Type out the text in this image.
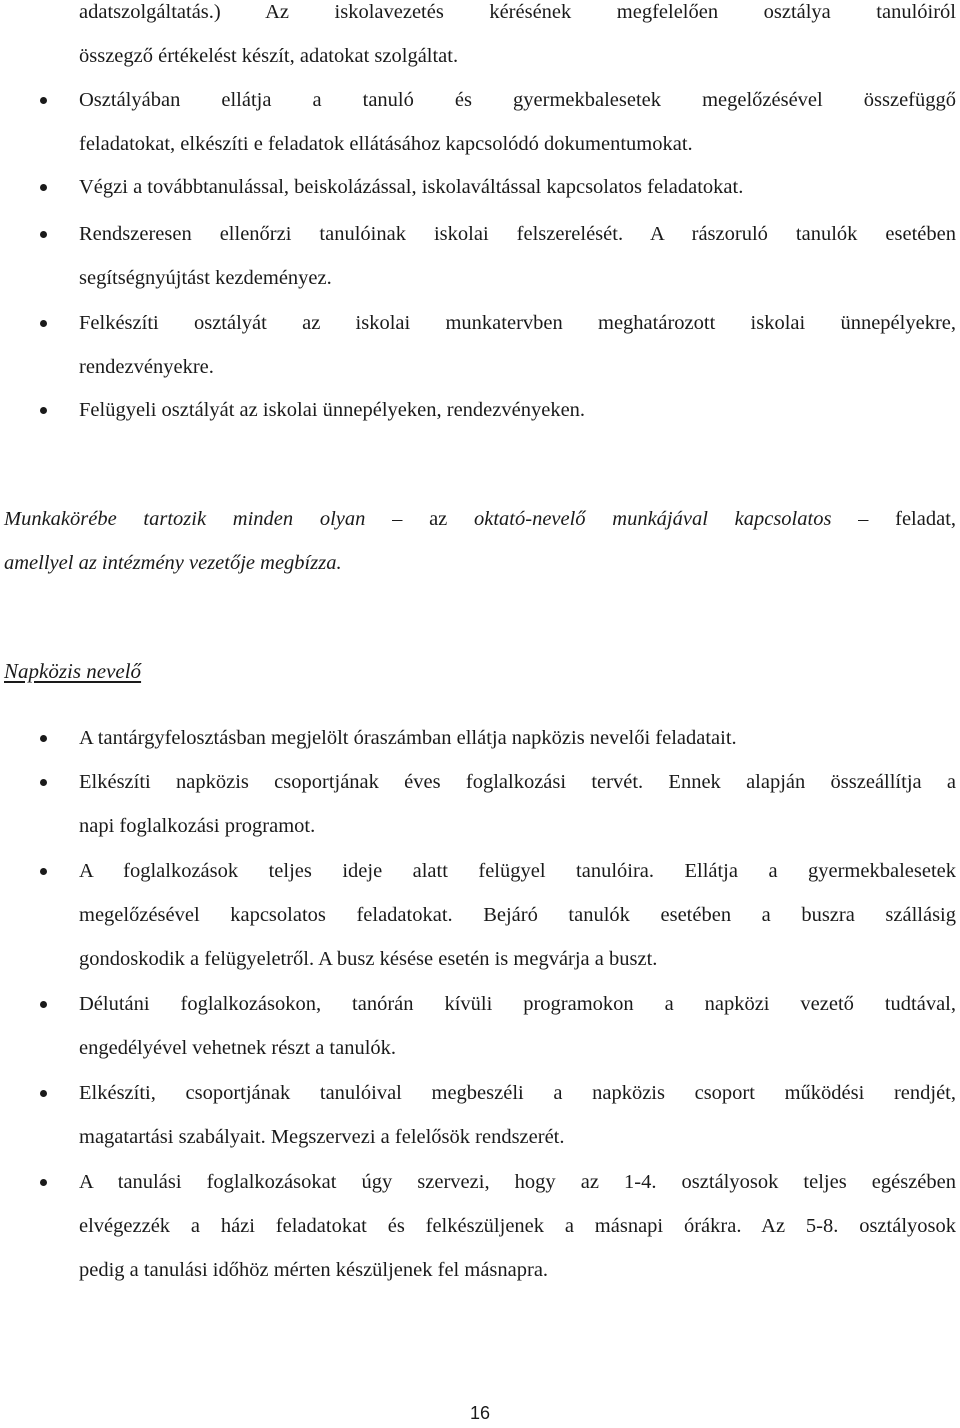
adatszolgáltatás.) Az iskolavezetés kérésének megfelelően osztálya tanulóiról
összegző értékelést készít, adatokat szolgáltat.
Osztályában ellátja a tanuló és gyermekbalesetek megelőzésével összefüggő
feladatokat, elkészíti e feladatok ellátásához kapcsolódó dokumentumokat.
Végzi a továbbtanulással, beiskolázással, iskolaváltással kapcsolatos feladatokat.
Rendszeresen ellenőrzi tanulóinak iskolai felszerelését. A rászoruló tanulók esetében
segítségnyújtást kezdeményez.
Felkészíti osztályát az iskolai munkatervben meghatározott iskolai ünnepélyekre,
rendezvényekre.
Felügyeli osztályát az iskolai ünnepélyeken, rendezvényeken.
Munkakörébe tartozik minden olyan – az oktató-nevelő munkájával kapcsolatos – feladat,
amellyel az intézmény vezetője megbízza.
Napközis nevelő
A tantárgyfelosztásban megjelölt óraszámban ellátja napközis nevelői feladatait.
Elkészíti napközis csoportjának éves foglalkozási tervét. Ennek alapján összeállítja a
napi foglalkozási programot.
A foglalkozások teljes ideje alatt felügyel tanulóira. Ellátja a gyermekbalesetek
megelőzésével kapcsolatos feladatokat. Bejáró tanulók esetében a buszra szállásig
gondoskodik a felügyeletről. A busz késése esetén is megvárja a buszt.
Délutáni foglalkozásokon, tanórán kívüli programokon a napközi vezető tudtával,
engedélyével vehetnek részt a tanulók.
Elkészíti, csoportjának tanulóival megbeszéli a napközis csoport működési rendjét,
magatartási szabályait. Megszervezi a felelősök rendszerét.
A tanulási foglalkozásokat úgy szervezi, hogy az 1-4. osztályosok teljes egészében
elvégezzék a házi feladatokat és felkészüljenek a másnapi órákra. Az 5-8. osztályosok
pedig a tanulási időhöz mérten készüljenek fel másnapra.
16
